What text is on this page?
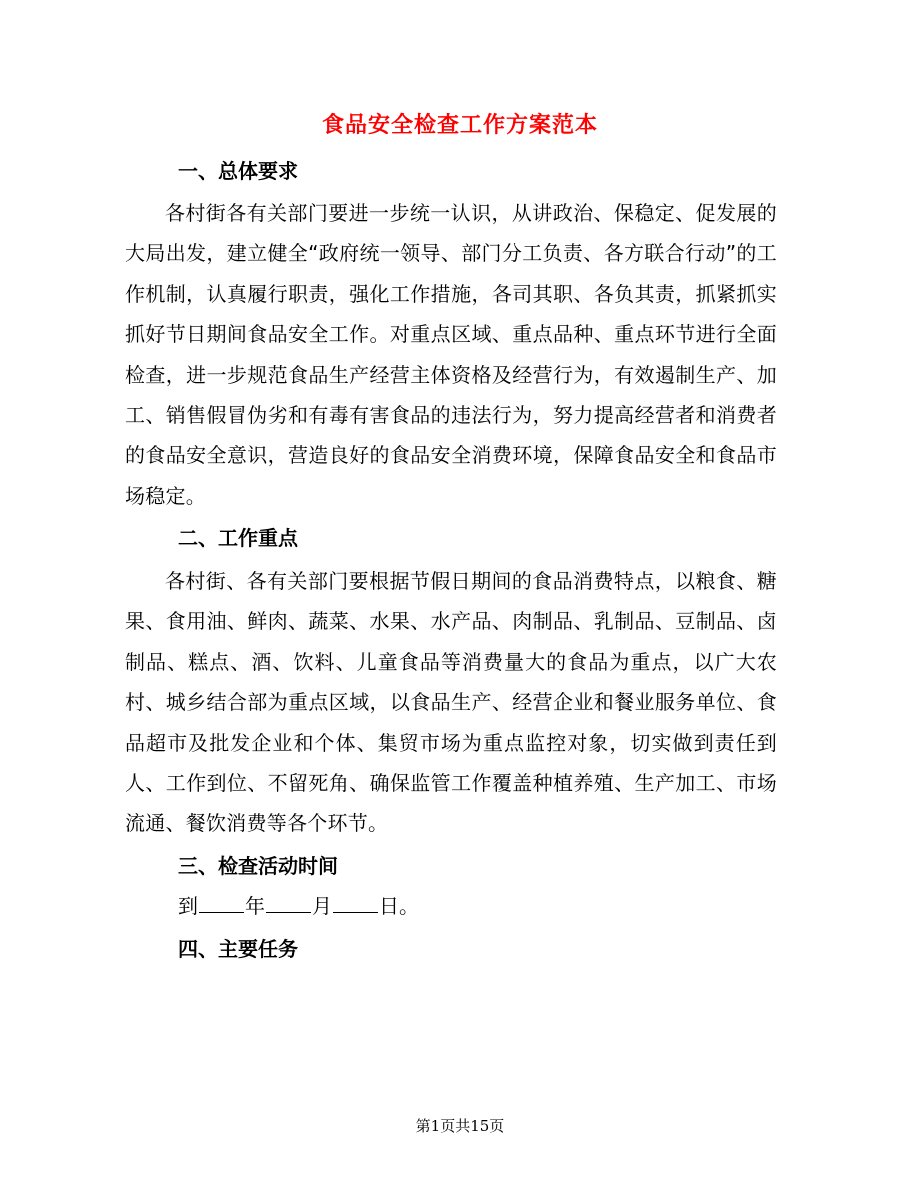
食品安全检查工作方案范本
一、总体要求
各村街各有关部门要进一步统一认识，从讲政治、保稳定、促发展的大局出发，建立健全“政府统一领导、部门分工负责、各方联合行动”的工作机制，认真履行职责，强化工作措施，各司其职、各负其责，抓紧抓实抓好节日期间食品安全工作。对重点区域、重点品种、重点环节进行全面检查，进一步规范食品生产经营主体资格及经营行为，有效遏制生产、加工、销售假冒伪劣和有毒有害食品的违法行为，努力提高经营者和消费者的食品安全意识，营造良好的食品安全消费环境，保障食品安全和食品市场稳定。
二、工作重点
各村街、各有关部门要根据节假日期间的食品消费特点，以粮食、糖果、食用油、鲜肉、蔬菜、水果、水产品、肉制品、乳制品、豆制品、卤制品、糕点、酒、饮料、儿童食品等消费量大的食品为重点，以广大农村、城乡结合部为重点区域，以食品生产、经营企业和餐业服务单位、食品超市及批发企业和个体、集贸市场为重点监控对象，切实做到责任到人、工作到位、不留死角、确保监管工作覆盖种植养殖、生产加工、市场流通、餐饮消费等各个环节。
三、检查活动时间
到 年 月 日。
四、主要任务
第1页共15页
